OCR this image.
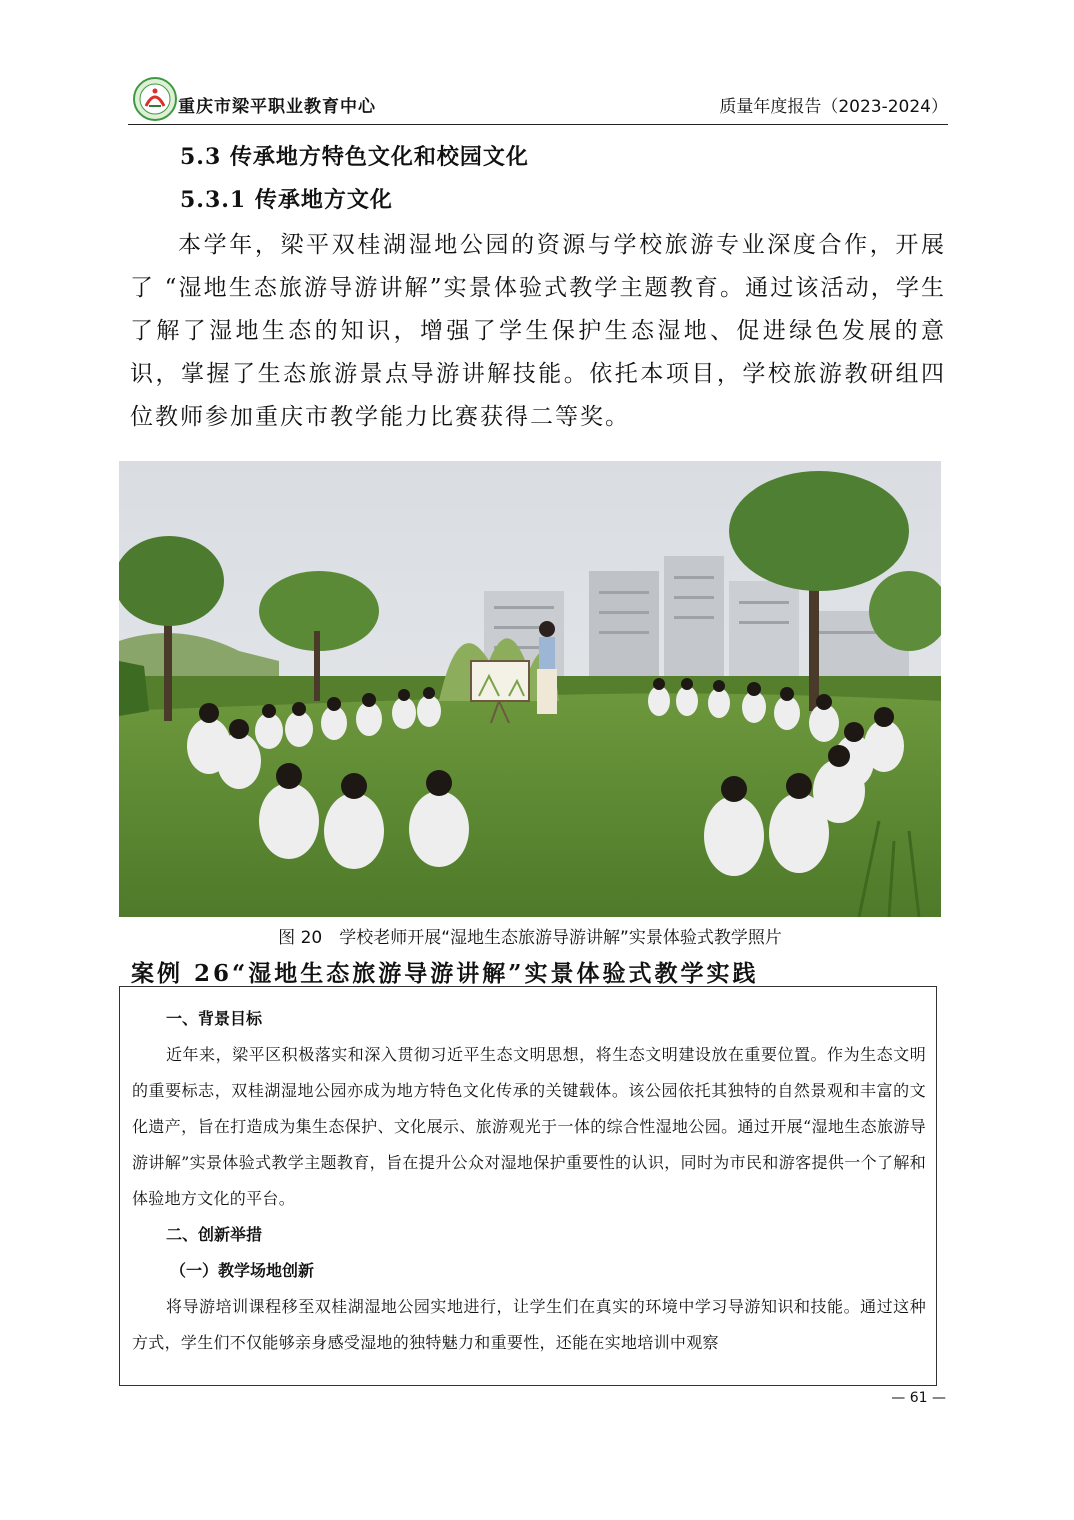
重庆市梁平职业教育中心	质量年度报告（2023-2024）
5.3 传承地方特色文化和校园文化
5.3.1 传承地方文化

本学年，梁平双桂湖湿地公园的资源与学校旅游专业深度合作，开展了 “湿地生态旅游导游讲解”实景体验式教学主题教育。通过该活动，学生了解了湿地生态的知识，增强了学生保护生态湿地、促进绿色发展的意识，掌握了生态旅游景点导游讲解技能。依托本项目，学校旅游教研组四位教师参加重庆市教学能力比赛获得二等奖。

图 20　学校老师开展“湿地生态旅游导游讲解”实景体验式教学照片
案例 26“湿地生态旅游导游讲解”实景体验式教学实践

一、背景目标

近年来，梁平区积极落实和深入贯彻习近平生态文明思想，将生态文明建设放在重要位置。作为生态文明的重要标志，双桂湖湿地公园亦成为地方特色文化传承的关键载体。该公园依托其独特的自然景观和丰富的文化遗产，旨在打造成为集生态保护、文化展示、旅游观光于一体的综合性湿地公园。通过开展“湿地生态旅游导游讲解”实景体验式教学主题教育，旨在提升公众对湿地保护重要性的认识，同时为市民和游客提供一个了解和体验地方文化的平台。

二、创新举措

（一）教学场地创新

将导游培训课程移至双桂湖湿地公园实地进行，让学生们在真实的环境中学习导游知识和技能。通过这种方式，学生们不仅能够亲身感受湿地的独特魅力和重要性，还能在实地培训中观察

— 61 —
